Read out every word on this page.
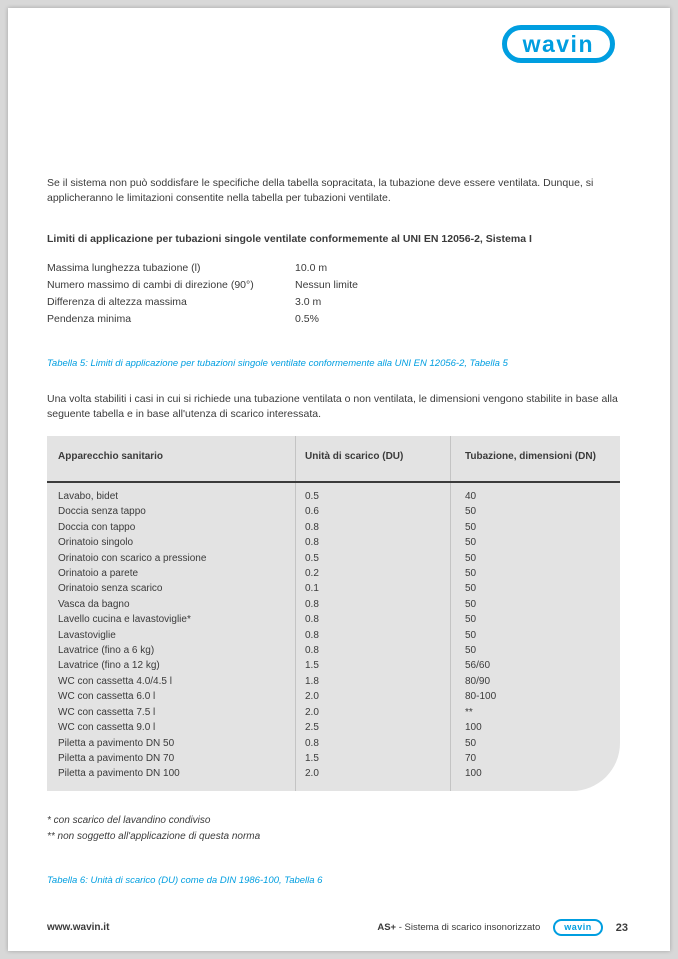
wavin

Se il sistema non può soddisfare le specifiche della tabella sopracitata, la tubazione deve essere ventilata. Dunque, si applicheranno le limitazioni consentite nella tabella per tubazioni ventilate.

Limiti di applicazione per tubazioni singole ventilate conformemente al UNI EN 12056-2, Sistema I
Massima lunghezza tubazione (l)	10.0 m
Numero massimo di cambi di direzione (90°)	Nessun limite
Differenza di altezza massima	3.0 m
Pendenza minima	0.5%

Tabella 5: Limiti di applicazione per tubazioni singole ventilate conformemente alla UNI EN 12056-2, Tabella 5

Una volta stabiliti i casi in cui si richiede una tubazione ventilata o non ventilata, le dimensioni vengono stabilite in base alla seguente tabella e in base all'utenza di scarico interessata.

Apparecchio sanitario	Unità di scarico (DU)	Tubazione, dimensioni (DN)
Lavabo, bidet	0.5	40
Doccia senza tappo	0.6	50
Doccia con tappo	0.8	50
Orinatoio singolo	0.8	50
Orinatoio con scarico a pressione	0.5	50
Orinatoio a parete	0.2	50
Orinatoio senza scarico	0.1	50
Vasca da bagno	0.8	50
Lavello cucina e lavastoviglie*	0.8	50
Lavastoviglie	0.8	50
Lavatrice (fino a 6 kg)	0.8	50
Lavatrice (fino a 12 kg)	1.5	56/60
WC con cassetta 4.0/4.5 l	1.8	80/90
WC con cassetta 6.0 l	2.0	80-100
WC con cassetta 7.5 l	2.0	**
WC con cassetta 9.0 l	2.5	100
Piletta a pavimento DN 50	0.8	50
Piletta a pavimento DN 70	1.5	70
Piletta a pavimento DN 100	2.0	100

* con scarico del lavandino condiviso

** non soggetto all'applicazione di questa norma

Tabella 6: Unità di scarico (DU) come da DIN 1986-100, Tabella 6

www.wavin.it	AS+ - Sistema di scarico insonorizzato	wavin	23
